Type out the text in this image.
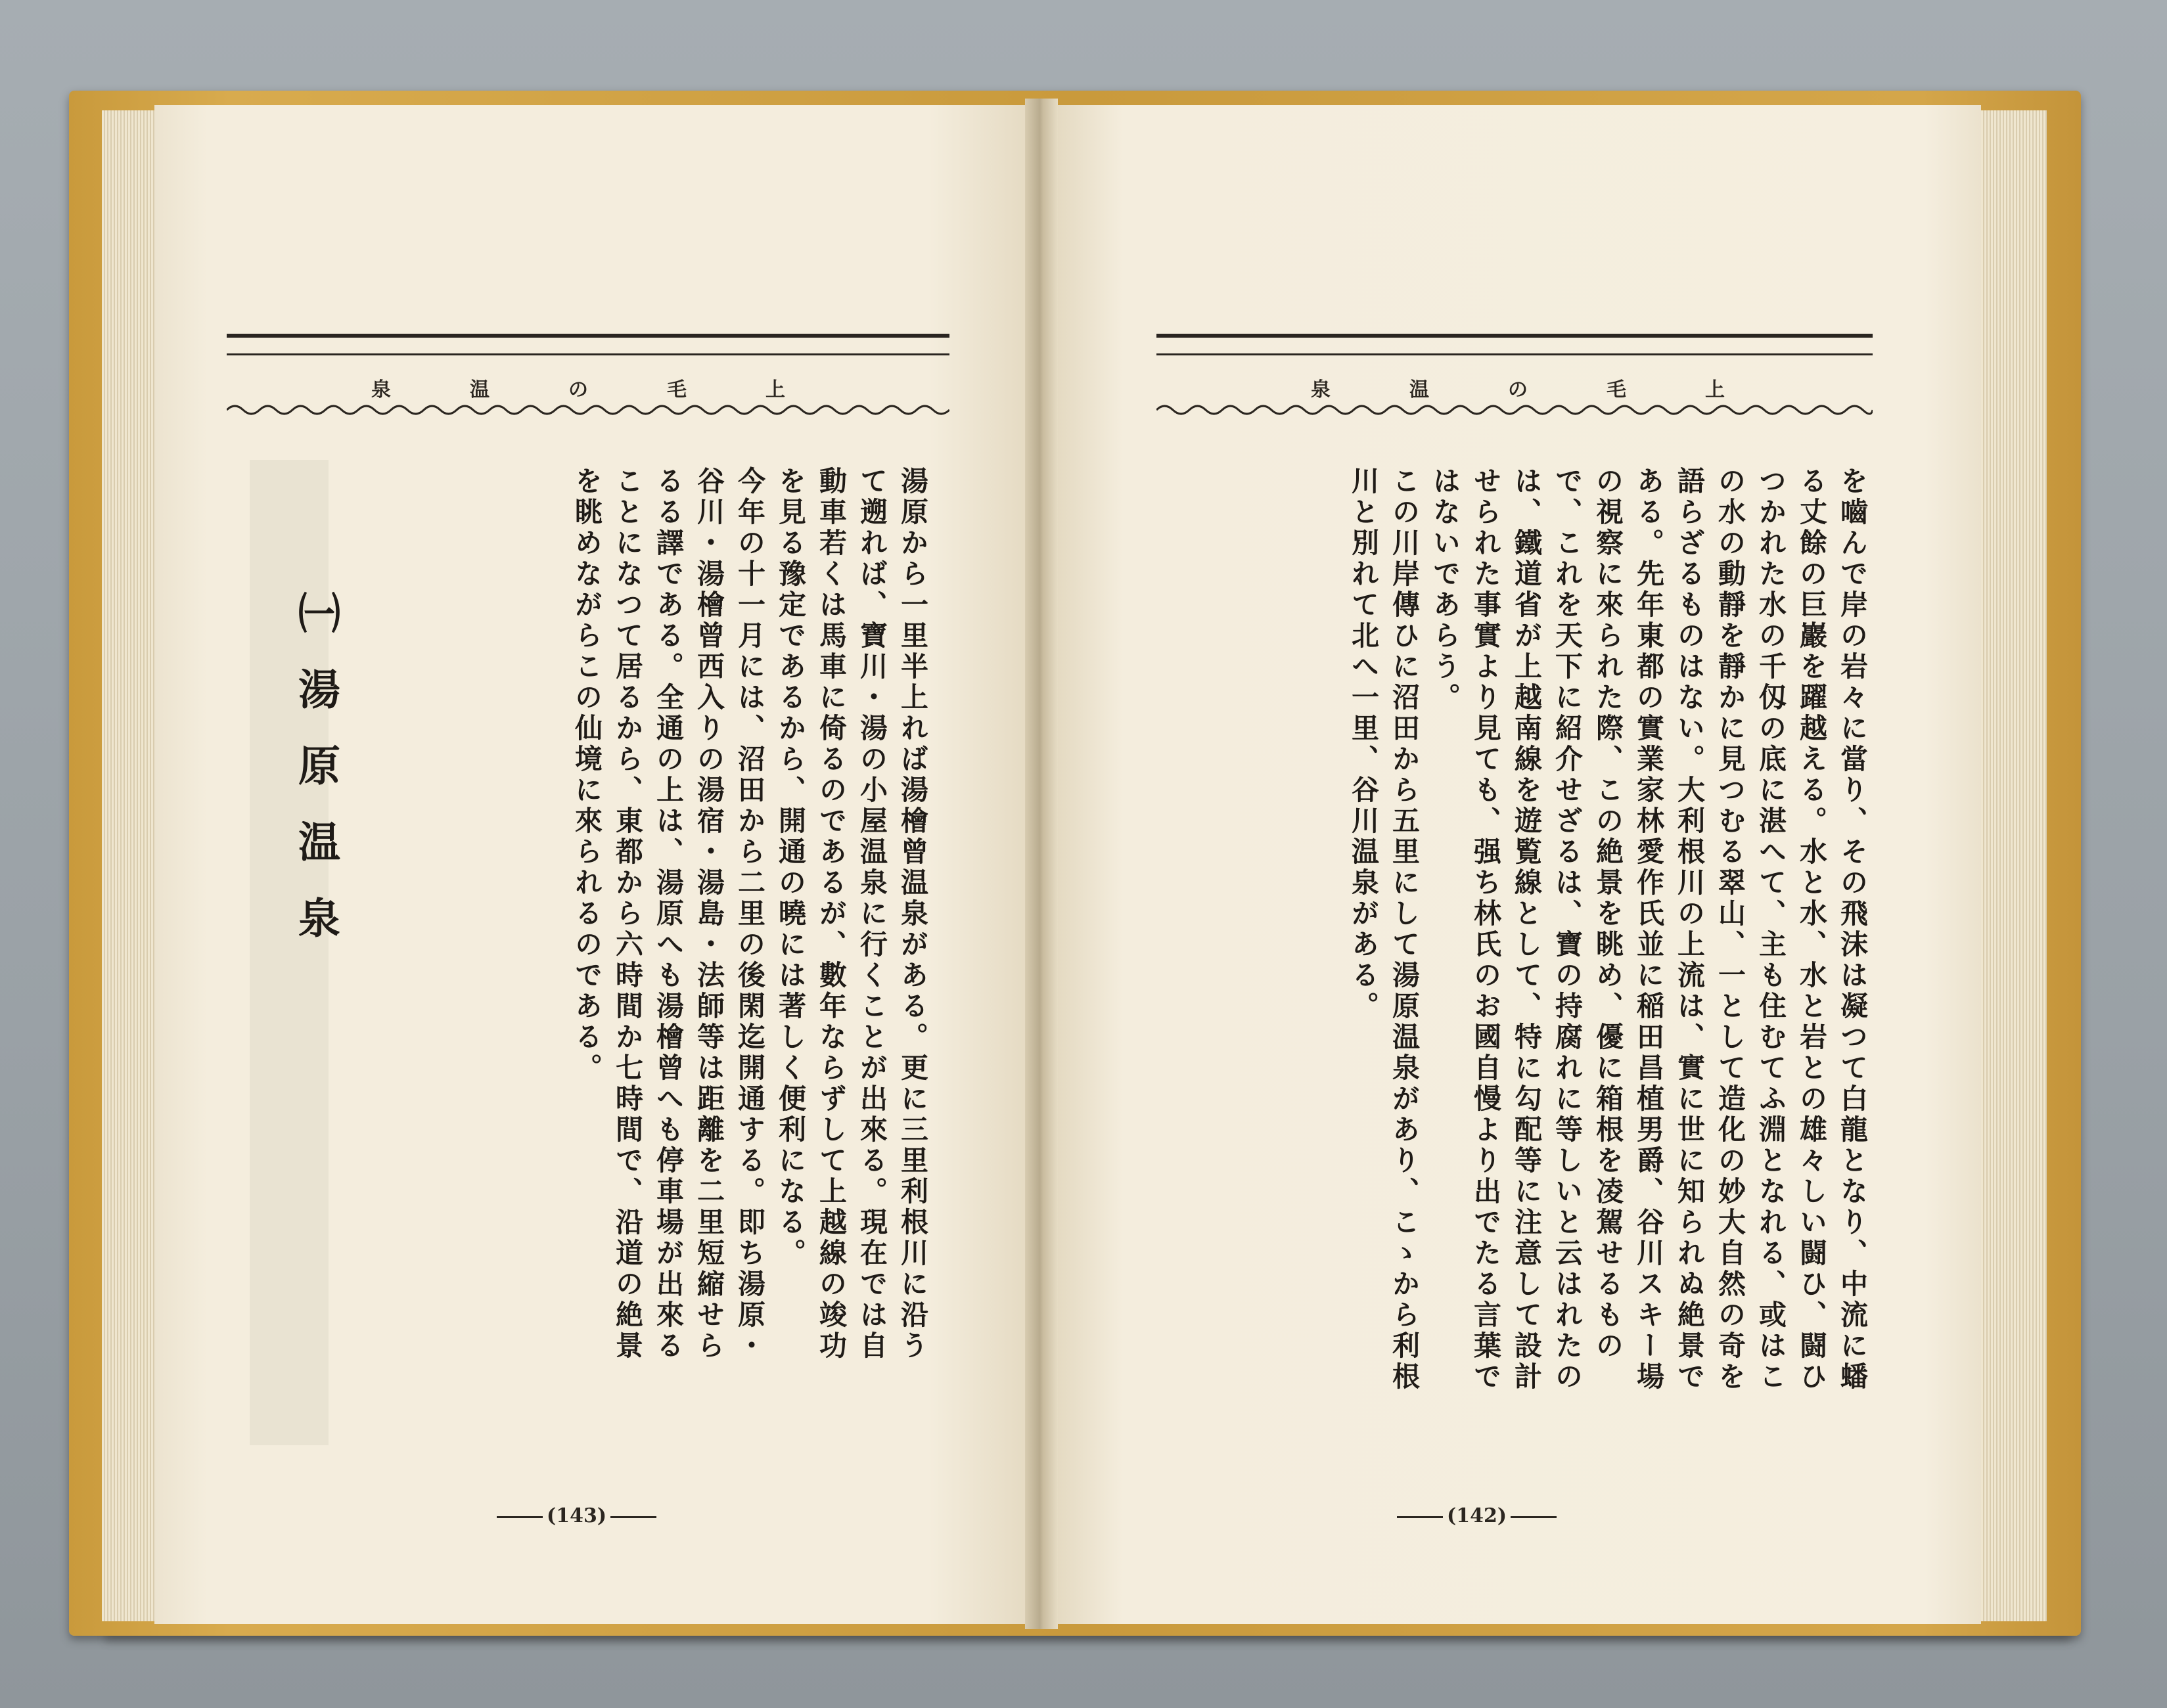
泉	温	の	毛	上
㈠湯原温泉	湯原から一里半上れば湯檜曾温泉がある。更に三里利根川に沿うて遡れば、寶川・湯の小屋温泉に行くことが出來る。現在では自動車若くは馬車に倚るのであるが、數年ならずして上越線の竣功を見る豫定であるから、開通の曉には著しく便利になる。

今年の十一月には、沼田から二里の後閑迄開通する。即ち湯原・谷川・湯檜曾西入りの湯宿・湯島・法師等は距離を二里短縮せらるる譯である。全通の上は、湯原へも湯檜曾へも停車場が出來ることになつて居るから、東都から六時間か七時間で、沿道の絶景を眺めながらこの仙境に來られるのである。

(143)
泉	温	の	毛	上

を嚙んで岸の岩々に當り、その飛沫は凝つて白龍となり、中流に蟠る丈餘の巨巖を躍越える。水と水、水と岩との雄々しい闘ひ、闘ひつかれた水の千仭の底に湛へて、主も住むてふ淵となれる、或はこの水の動靜を靜かに見つむる翠山、一として造化の妙大自然の奇を語らざるものはない。大利根川の上流は、實に世に知られぬ絶景である。先年東都の實業家林愛作氏並に稲田昌植男爵、谷川スキー場の視察に來られた際、この絶景を眺め、優に箱根を凌駕せるもので、これを天下に紹介せざるは、寶の持腐れに等しいと云はれたのは、鐵道省が上越南線を遊覧線として、特に勾配等に注意して設計せられた事實より見ても、强ち林氏のお國自慢より出でたる言葉ではないであらう。

この川岸傳ひに沼田から五里にして湯原温泉があり、こゝから利根川と別れて北へ一里、谷川温泉がある。

(142)
